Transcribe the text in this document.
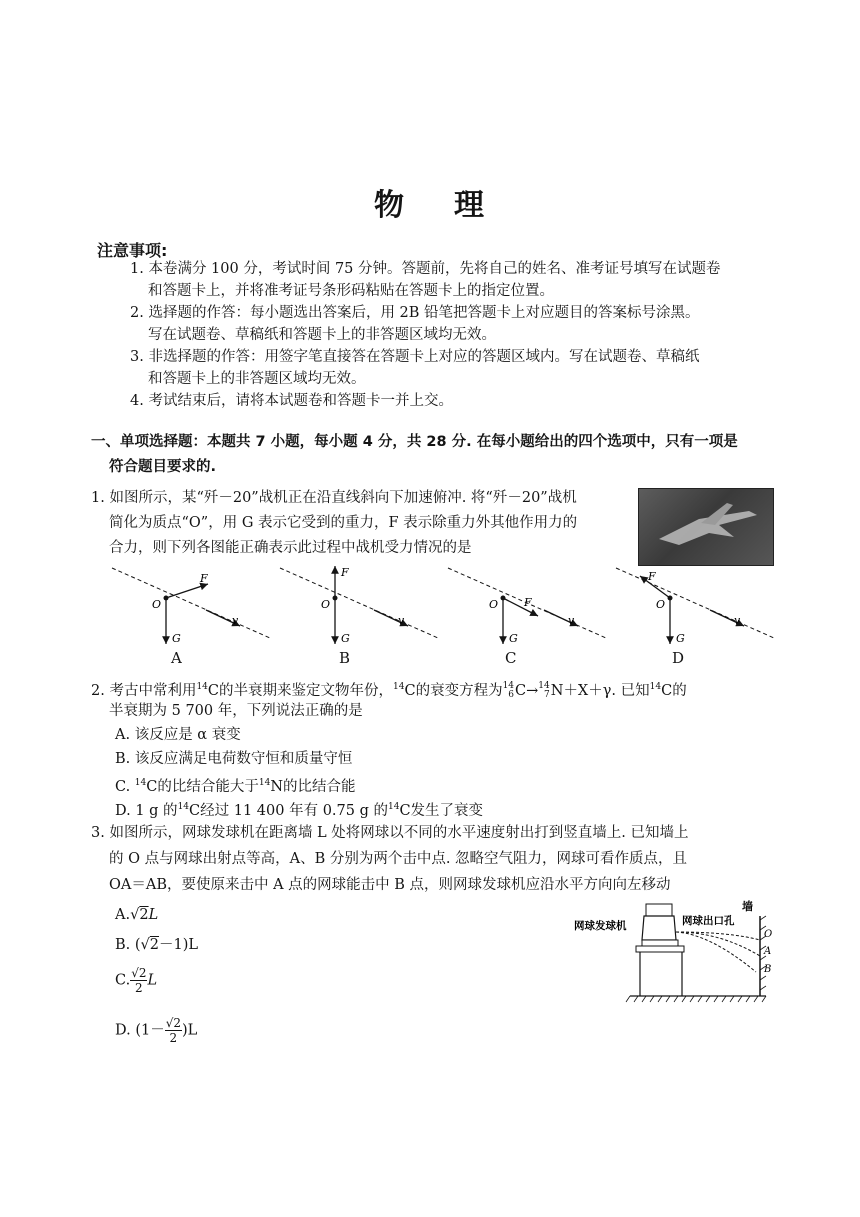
物 理
注意事项:
1. 本卷满分 100 分，考试时间 75 分钟。答题前，先将自己的姓名、准考证号填写在试题卷
和答题卡上，并将准考证号条形码粘贴在答题卡上的指定位置。
2. 选择题的作答：每小题选出答案后，用 2B 铅笔把答题卡上对应题目的答案标号涂黑。
写在试题卷、草稿纸和答题卡上的非答题区域均无效。
3. 非选择题的作答：用签字笔直接答在答题卡上对应的答题区域内。写在试题卷、草稿纸
和答题卡上的非答题区域均无效。
4. 考试结束后，请将本试题卷和答题卡一并上交。
一、单项选择题：本题共 7 小题，每小题 4 分，共 28 分. 在每小题给出的四个选项中，只有一项是
符合题目要求的.
1. 如图所示，某“歼－20”战机正在沿直线斜向下加速俯冲. 将“歼－20”战机
简化为质点“O”，用 G 表示它受到的重力，F 表示除重力外其他作用力的
合力，则下列各图能正确表示此过程中战机受力情况的是
F
O
G
v
F
O
G
v
F
O
G
v
F
O
G
v
A	B	C	D
2. 考古中常利用$^{14}$C的半衰期来鉴定文物年份，$^{14}$C的衰变方程为14
6C→14
7N＋X＋γ. 已知$^{14}$C的
半衰期为 5 700 年，下列说法正确的是
A. 该反应是 α 衰变
B. 该反应满足电荷数守恒和质量守恒
C. $^{14}$C的比结合能大于$^{14}$N的比结合能
D. 1 g 的$^{14}$C经过 11 400 年有 0.75 g 的$^{14}$C发生了衰变
3. 如图所示，网球发球机在距离墙 L 处将网球以不同的水平速度射出打到竖直墙上. 已知墙上
的 O 点与网球出射点等高，A、B 分别为两个击中点. 忽略空气阻力，网球可看作质点，且
OA＝AB，要使原来击中 A 点的网球能击中 B 点，则网球发球机应沿水平方向向左移动
A.√2L
B. (√2－1)L
C. $\frac{√2}{2}$ L
D. $(1- \frac{√2}{2} )L$
墙
网球发球机	网球出口孔
O
A
B
